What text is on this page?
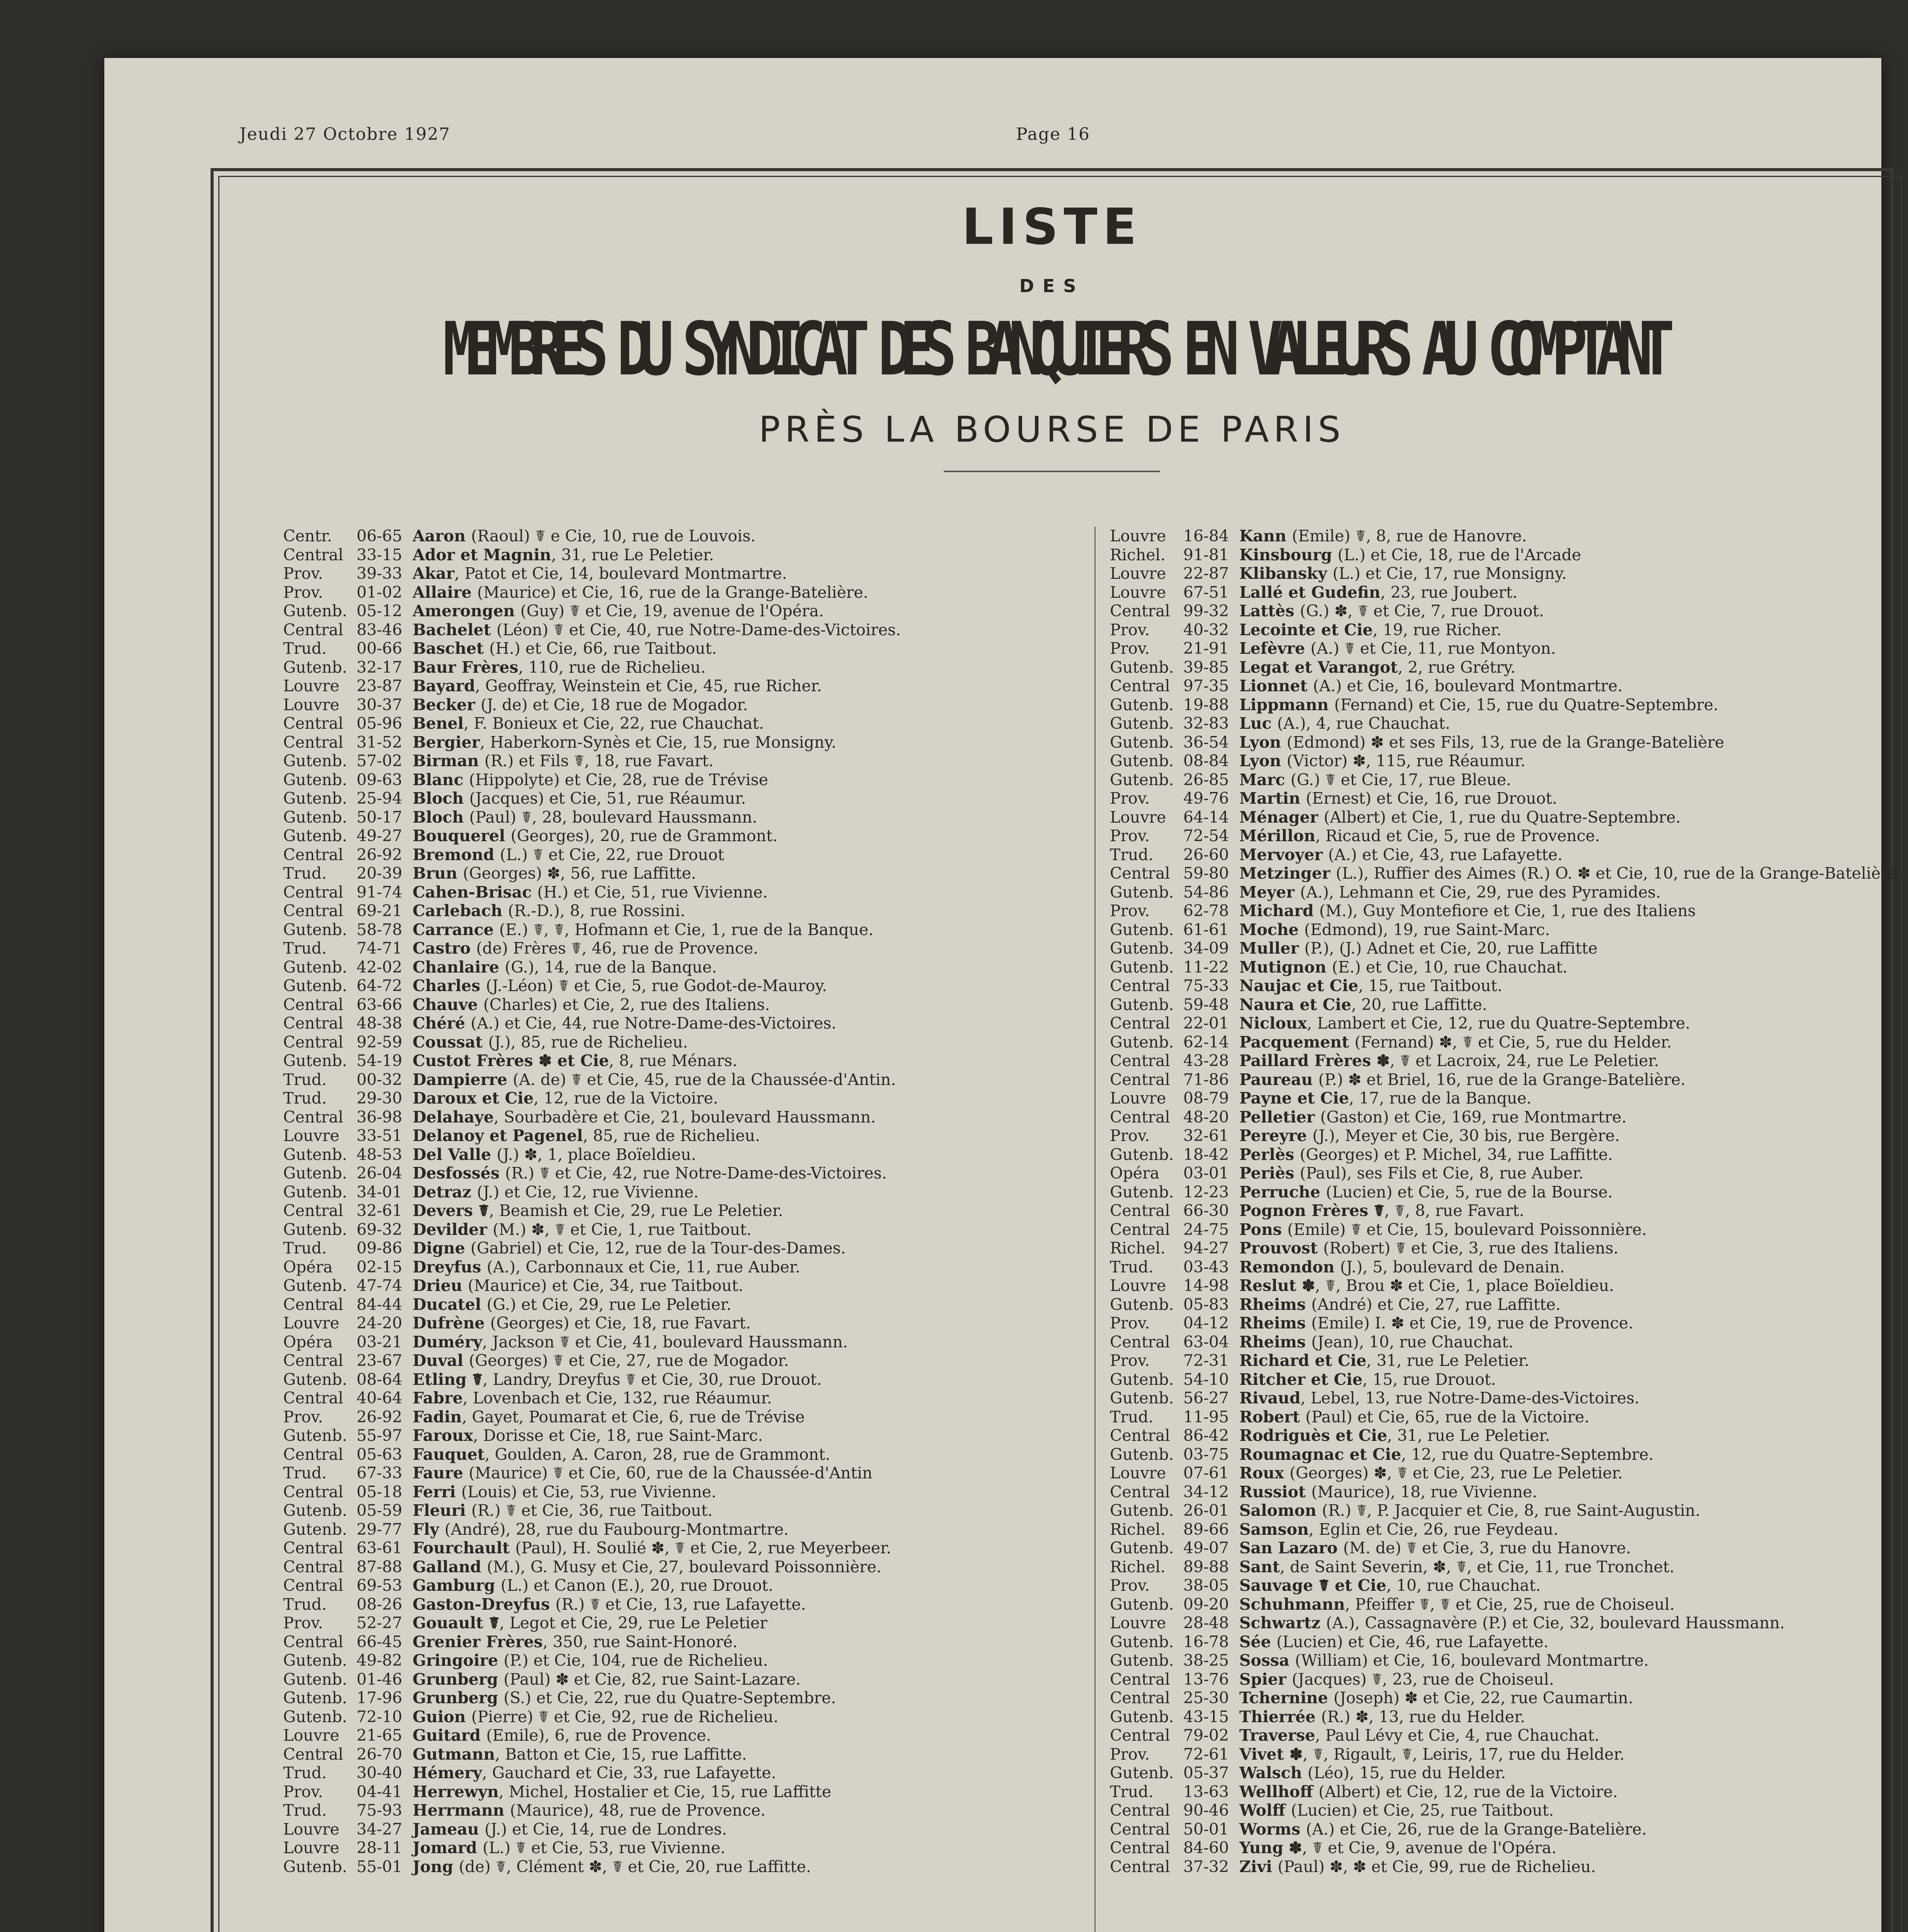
Jeudi 27 Octobre 1927	Page 16
LISTE
DES
MEMBRES DU SYNDICAT DES BANQUIERS EN VALEURS AU COMPTANT
PRÈS LA BOURSE DE PARIS
Centr.	06-65 Aaron (Raoul) ☤ e Cie, 10, rue de Louvois.
Central 33-15 Ador et Magnin, 31, rue Le Peletier.
Prov.	39-33 Akar, Patot et Cie, 14, boulevard Montmartre.
Prov.	01-02 Allaire (Maurice) et Cie, 16, rue de la Grange-Batelière.
Gutenb. 05-12 Amerongen (Guy) ☤ et Cie, 19, avenue de l'Opéra.
Central 83-46 Bachelet (Léon) ☤ et Cie, 40, rue Notre-Dame-des-Victoires.
Trud.	00-66 Baschet (H.) et Cie, 66, rue Taitbout.
Gutenb. 32-17 Baur Frères, 110, rue de Richelieu.
Louvre	23-87 Bayard, Geoffray, Weinstein et Cie, 45, rue Richer.
Louvre	30-37 Becker (J. de) et Cie, 18 rue de Mogador.
Central 05-96 Benel, F. Bonieux et Cie, 22, rue Chauchat.
Central 31-52 Bergier, Haberkorn-Synès et Cie, 15, rue Monsigny.
Gutenb. 57-02 Birman (R.) et Fils ☤, 18, rue Favart.
Gutenb. 09-63 Blanc (Hippolyte) et Cie, 28, rue de Trévise
Gutenb. 25-94 Bloch (Jacques) et Cie, 51, rue Réaumur.
Gutenb. 50-17 Bloch (Paul) ☤, 28, boulevard Haussmann.
Gutenb. 49-27 Bouquerel (Georges), 20, rue de Grammont.
Central 26-92 Bremond (L.) ☤ et Cie, 22, rue Drouot
Trud.	20-39 Brun (Georges) ✽, 56, rue Laffitte.
Central 91-74 Cahen-Brisac (H.) et Cie, 51, rue Vivienne.
Central 69-21 Carlebach (R.-D.), 8, rue Rossini.
Gutenb. 58-78 Carrance (E.) ☤, ☤, Hofmann et Cie, 1, rue de la Banque.
Trud.	74-71 Castro (de) Frères ☤, 46, rue de Provence.
Gutenb. 42-02 Chanlaire (G.), 14, rue de la Banque.
Gutenb. 64-72 Charles (J.-Léon) ☤ et Cie, 5, rue Godot-de-Mauroy.
Central 63-66 Chauve (Charles) et Cie, 2, rue des Italiens.
Central 48-38 Chéré (A.) et Cie, 44, rue Notre-Dame-des-Victoires.
Central 92-59 Coussat (J.), 85, rue de Richelieu.
Gutenb. 54-19 Custot Frères ✽ et Cie, 8, rue Ménars.
Trud.	00-32 Dampierre (A. de) ☤ et Cie, 45, rue de la Chaussée-d'Antin.
Trud.	29-30 Daroux et Cie, 12, rue de la Victoire.
Central 36-98 Delahaye, Sourbadère et Cie, 21, boulevard Haussmann.
Louvre	33-51 Delanoy et Pagenel, 85, rue de Richelieu.
Gutenb. 48-53 Del Valle (J.) ✽, 1, place Boïeldieu.
Gutenb. 26-04 Desfossés (R.) ☤ et Cie, 42, rue Notre-Dame-des-Victoires.
Gutenb. 34-01 Detraz (J.) et Cie, 12, rue Vivienne.
Central 32-61 Devers ☤, Beamish et Cie, 29, rue Le Peletier.
Gutenb. 69-32 Devilder (M.) ✽, ☤ et Cie, 1, rue Taitbout.
Trud.	09-86 Digne (Gabriel) et Cie, 12, rue de la Tour-des-Dames.
Opéra	02-15 Dreyfus (A.), Carbonnaux et Cie, 11, rue Auber.
Gutenb. 47-74 Drieu (Maurice) et Cie, 34, rue Taitbout.
Central 84-44 Ducatel (G.) et Cie, 29, rue Le Peletier.
Louvre	24-20 Dufrène (Georges) et Cie, 18, rue Favart.
Opéra	03-21 Duméry, Jackson ☤ et Cie, 41, boulevard Haussmann.
Central 23-67 Duval (Georges) ☤ et Cie, 27, rue de Mogador.
Gutenb. 08-64 Etling ☤, Landry, Dreyfus ☤ et Cie, 30, rue Drouot.
Central 40-64 Fabre, Lovenbach et Cie, 132, rue Réaumur.
Prov.	26-92 Fadin, Gayet, Poumarat et Cie, 6, rue de Trévise
Gutenb. 55-97 Faroux, Dorisse et Cie, 18, rue Saint-Marc.
Central 05-63 Fauquet, Goulden, A. Caron, 28, rue de Grammont.
Trud.	67-33 Faure (Maurice) ☤ et Cie, 60, rue de la Chaussée-d'Antin
Central 05-18 Ferri (Louis) et Cie, 53, rue Vivienne.
Gutenb. 05-59 Fleuri (R.) ☤ et Cie, 36, rue Taitbout.
Gutenb. 29-77 Fly (André), 28, rue du Faubourg-Montmartre.
Central 63-61 Fourchault (Paul), H. Soulié ✽, ☤ et Cie, 2, rue Meyerbeer.
Central 87-88 Galland (M.), G. Musy et Cie, 27, boulevard Poissonnière.
Central 69-53 Gamburg (L.) et Canon (E.), 20, rue Drouot.
Trud.	08-26 Gaston-Dreyfus (R.) ☤ et Cie, 13, rue Lafayette.
Prov.	52-27 Gouault ☤, Legot et Cie, 29, rue Le Peletier
Central 66-45 Grenier Frères, 350, rue Saint-Honoré.
Gutenb. 49-82 Gringoire (P.) et Cie, 104, rue de Richelieu.
Gutenb. 01-46 Grunberg (Paul) ✽ et Cie, 82, rue Saint-Lazare.
Gutenb. 17-96 Grunberg (S.) et Cie, 22, rue du Quatre-Septembre.
Gutenb. 72-10 Guion (Pierre) ☤ et Cie, 92, rue de Richelieu.
Louvre	21-65 Guitard (Emile), 6, rue de Provence.
Central 26-70 Gutmann, Batton et Cie, 15, rue Laffitte.
Trud.	30-40 Hémery, Gauchard et Cie, 33, rue Lafayette.
Prov.	04-41 Herrewyn, Michel, Hostalier et Cie, 15, rue Laffitte
Trud.	75-93 Herrmann (Maurice), 48, rue de Provence.
Louvre	34-27 Jameau (J.) et Cie, 14, rue de Londres.
Louvre	28-11 Jomard (L.) ☤ et Cie, 53, rue Vivienne.
Gutenb. 55-01 Jong (de) ☤, Clément ✽, ☤ et Cie, 20, rue Laffitte.
Louvre	16-84 Kann (Emile) ☤, 8, rue de Hanovre.
Richel.	91-81 Kinsbourg (L.) et Cie, 18, rue de l'Arcade
Louvre	22-87 Klibansky (L.) et Cie, 17, rue Monsigny.
Louvre	67-51 Lallé et Gudefin, 23, rue Joubert.
Central 99-32 Lattès (G.) ✽, ☤ et Cie, 7, rue Drouot.
Prov.	40-32 Lecointe et Cie, 19, rue Richer.
Prov.	21-91 Lefèvre (A.) ☤ et Cie, 11, rue Montyon.
Gutenb. 39-85 Legat et Varangot, 2, rue Grétry.
Central 97-35 Lionnet (A.) et Cie, 16, boulevard Montmartre.
Gutenb. 19-88 Lippmann (Fernand) et Cie, 15, rue du Quatre-Septembre.
Gutenb. 32-83 Luc (A.), 4, rue Chauchat.
Gutenb. 36-54 Lyon (Edmond) ✽ et ses Fils, 13, rue de la Grange-Batelière
Gutenb. 08-84 Lyon (Victor) ✽, 115, rue Réaumur.
Gutenb. 26-85 Marc (G.) ☤ et Cie, 17, rue Bleue.
Prov.	49-76 Martin (Ernest) et Cie, 16, rue Drouot.
Louvre	64-14 Ménager (Albert) et Cie, 1, rue du Quatre-Septembre.
Prov.	72-54 Mérillon, Ricaud et Cie, 5, rue de Provence.
Trud.	26-60 Mervoyer (A.) et Cie, 43, rue Lafayette.
Central 59-80 Metzinger (L.), Ruffier des Aimes (R.) O. ✽ et Cie, 10, rue de la Grange-Batelière.
Gutenb. 54-86 Meyer (A.), Lehmann et Cie, 29, rue des Pyramides.
Prov.	62-78 Michard (M.), Guy Montefiore et Cie, 1, rue des Italiens
Gutenb. 61-61 Moche (Edmond), 19, rue Saint-Marc.
Gutenb. 34-09 Muller (P.), (J.) Adnet et Cie, 20, rue Laffitte
Gutenb. 11-22 Mutignon (E.) et Cie, 10, rue Chauchat.
Central 75-33 Naujac et Cie, 15, rue Taitbout.
Gutenb. 59-48 Naura et Cie, 20, rue Laffitte.
Central 22-01 Nicloux, Lambert et Cie, 12, rue du Quatre-Septembre.
Gutenb. 62-14 Pacquement (Fernand) ✽, ☤ et Cie, 5, rue du Helder.
Central 43-28 Paillard Frères ✽, ☤ et Lacroix, 24, rue Le Peletier.
Central 71-86 Paureau (P.) ✽ et Briel, 16, rue de la Grange-Batelière.
Louvre	08-79 Payne et Cie, 17, rue de la Banque.
Central 48-20 Pelletier (Gaston) et Cie, 169, rue Montmartre.
Prov.	32-61 Pereyre (J.), Meyer et Cie, 30 bis, rue Bergère.
Gutenb. 18-42 Perlès (Georges) et P. Michel, 34, rue Laffitte.
Opéra	03-01 Periès (Paul), ses Fils et Cie, 8, rue Auber.
Gutenb. 12-23 Perruche (Lucien) et Cie, 5, rue de la Bourse.
Central 66-30 Pognon Frères ☤, ☤, 8, rue Favart.
Central 24-75 Pons (Emile) ☤ et Cie, 15, boulevard Poissonnière.
Richel.	94-27 Prouvost (Robert) ☤ et Cie, 3, rue des Italiens.
Trud.	03-43 Remondon (J.), 5, boulevard de Denain.
Louvre	14-98 Reslut ✽, ☤, Brou ✽ et Cie, 1, place Boïeldieu.
Gutenb. 05-83 Rheims (André) et Cie, 27, rue Laffitte.
Prov.	04-12 Rheims (Emile) I. ✽ et Cie, 19, rue de Provence.
Central 63-04 Rheims (Jean), 10, rue Chauchat.
Prov.	72-31 Richard et Cie, 31, rue Le Peletier.
Gutenb. 54-10 Ritcher et Cie, 15, rue Drouot.
Gutenb. 56-27 Rivaud, Lebel, 13, rue Notre-Dame-des-Victoires.
Trud.	11-95 Robert (Paul) et Cie, 65, rue de la Victoire.
Central 86-42 Rodriguès et Cie, 31, rue Le Peletier.
Gutenb. 03-75 Roumagnac et Cie, 12, rue du Quatre-Septembre.
Louvre	07-61 Roux (Georges) ✽, ☤ et Cie, 23, rue Le Peletier.
Central 34-12 Russiot (Maurice), 18, rue Vivienne.
Gutenb. 26-01 Salomon (R.) ☤, P. Jacquier et Cie, 8, rue Saint-Augustin.
Richel.	89-66 Samson, Eglin et Cie, 26, rue Feydeau.
Gutenb. 49-07 San Lazaro (M. de) ☤ et Cie, 3, rue du Hanovre.
Richel.	89-88 Sant, de Saint Severin, ✽, ☤, et Cie, 11, rue Tronchet.
Prov.	38-05 Sauvage ☤ et Cie, 10, rue Chauchat.
Gutenb. 09-20 Schuhmann, Pfeiffer ☤, ☤ et Cie, 25, rue de Choiseul.
Louvre	28-48 Schwartz (A.), Cassagnavère (P.) et Cie, 32, boulevard Haussmann.
Gutenb. 16-78 Sée (Lucien) et Cie, 46, rue Lafayette.
Gutenb. 38-25 Sossa (William) et Cie, 16, boulevard Montmartre.
Central 13-76 Spier (Jacques) ☤, 23, rue de Choiseul.
Central 25-30 Tchernine (Joseph) ✽ et Cie, 22, rue Caumartin.
Gutenb. 43-15 Thierrée (R.) ✽, 13, rue du Helder.
Central 79-02 Traverse, Paul Lévy et Cie, 4, rue Chauchat.
Prov.	72-61 Vivet ✽, ☤, Rigault, ☤, Leiris, 17, rue du Helder.
Gutenb. 05-37 Walsch (Léo), 15, rue du Helder.
Trud.	13-63 Wellhoff (Albert) et Cie, 12, rue de la Victoire.
Central 90-46 Wolff (Lucien) et Cie, 25, rue Taitbout.
Central 50-01 Worms (A.) et Cie, 26, rue de la Grange-Batelière.
Central 84-60 Yung ✽, ☤ et Cie, 9, avenue de l'Opéra.
Central 37-32 Zivi (Paul) ✽, ✽ et Cie, 99, rue de Richelieu.
